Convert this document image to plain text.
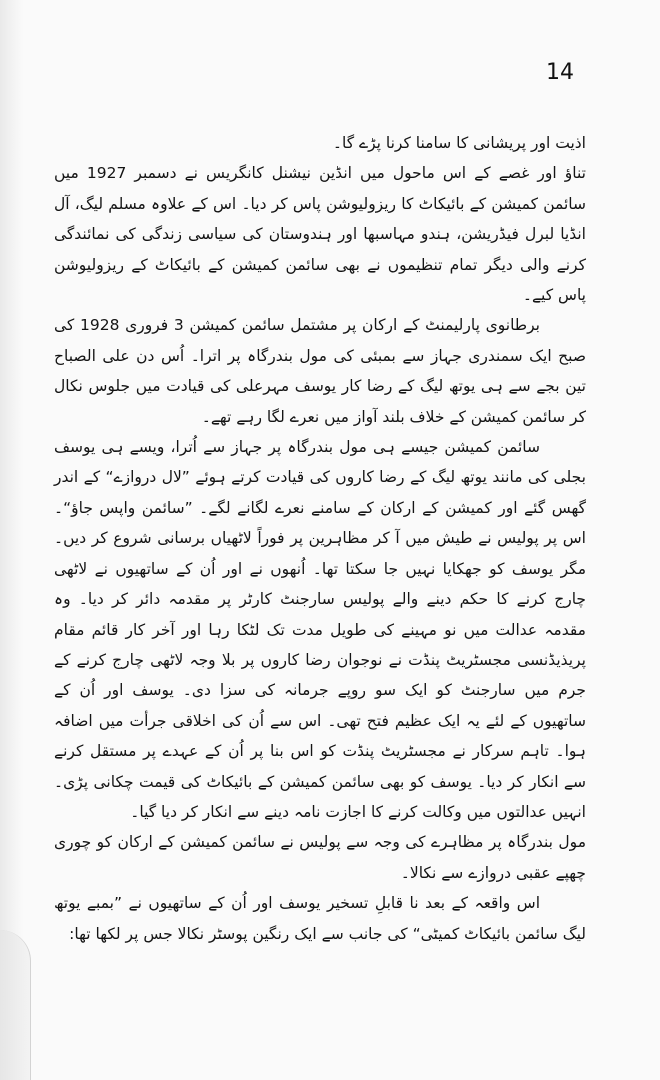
14

اذیت اور پریشانی کا سامنا کرنا پڑے گا۔

تناؤ اور غصے کے اس ماحول میں انڈین نیشنل کانگریس نے دسمبر 1927 میں سائمن کمیشن کے بائیکاٹ کا ریزولیوشن پاس کر دیا۔ اس کے علاوہ مسلم لیگ، آل انڈیا لبرل فیڈریشن، ہندو مہاسبھا اور ہندوستان کی سیاسی زندگی کی نمائندگی کرنے والی دیگر تمام تنظیموں نے بھی سائمن کمیشن کے بائیکاٹ کے ریزولیوشن پاس کیے۔

برطانوی پارلیمنٹ کے ارکان پر مشتمل سائمن کمیشن 3 فروری 1928 کی صبح ایک سمندری جہاز سے بمبئی کی مول بندرگاہ پر اترا۔ اُس دن علی الصباح تین بجے سے ہی یوتھ لیگ کے رضا کار یوسف مہرعلی کی قیادت میں جلوس نکال کر سائمن کمیشن کے خلاف بلند آواز میں نعرے لگا رہے تھے۔

سائمن کمیشن جیسے ہی مول بندرگاہ پر جہاز سے اُترا، ویسے ہی یوسف بجلی کی مانند یوتھ لیگ کے رضا کاروں کی قیادت کرتے ہوئے ”لال دروازے“ کے اندر گھس گئے اور کمیشن کے ارکان کے سامنے نعرے لگانے لگے۔ ”سائمن واپس جاؤ“۔ اس پر پولیس نے طیش میں آ کر مظاہرین پر فوراً لاٹھیاں برسانی شروع کر دیں۔ مگر یوسف کو جھکایا نہیں جا سکتا تھا۔ اُنھوں نے اور اُن کے ساتھیوں نے لاٹھی چارج کرنے کا حکم دینے والے پولیس سارجنٹ کارٹر پر مقدمہ دائر کر دیا۔ وہ مقدمہ عدالت میں نو مہینے کی طویل مدت تک لٹکا رہا اور آخر کار قائم مقام پریذیڈنسی مجسٹریٹ پنڈت نے نوجوان رضا کاروں پر بلا وجہ لاٹھی چارج کرنے کے جرم میں سارجنٹ کو ایک سو روپے جرمانہ کی سزا دی۔ یوسف اور اُن کے ساتھیوں کے لئے یہ ایک عظیم فتح تھی۔ اس سے اُن کی اخلاقی جرأت میں اضافہ ہوا۔ تاہم سرکار نے مجسٹریٹ پنڈت کو اس بنا پر اُن کے عہدے پر مستقل کرنے سے انکار کر دیا۔ یوسف کو بھی سائمن کمیشن کے بائیکاٹ کی قیمت چکانی پڑی۔ انہیں عدالتوں میں وکالت کرنے کا اجازت نامہ دینے سے انکار کر دیا گیا۔

مول بندرگاہ پر مظاہرے کی وجہ سے پولیس نے سائمن کمیشن کے ارکان کو چوری چھپے عقبی دروازے سے نکالا۔

اس واقعہ کے بعد نا قابلِ تسخیر یوسف اور اُن کے ساتھیوں نے ”بمبے یوتھ لیگ سائمن بائیکاٹ کمیٹی“ کی جانب سے ایک رنگین پوسٹر نکالا جس پر لکھا تھا:
